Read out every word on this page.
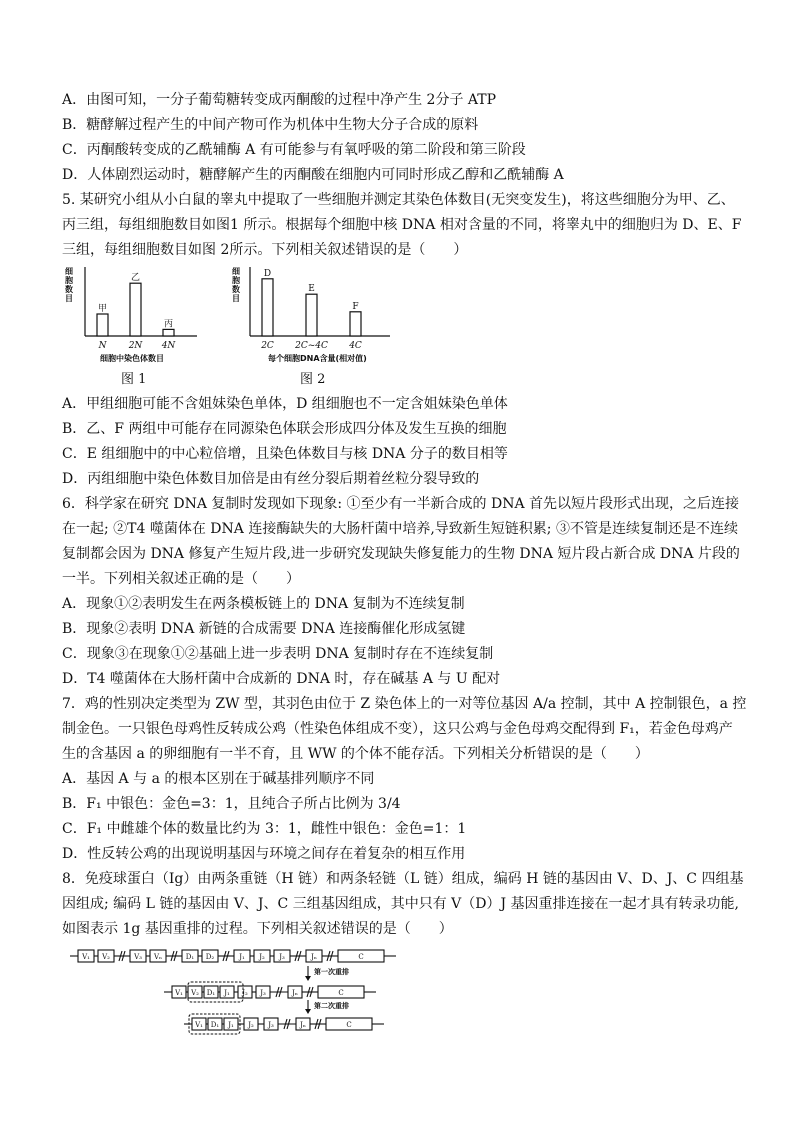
A．由图可知，一分子葡萄糖转变成丙酮酸的过程中净产生 2分子 ATP
B．糖酵解过程产生的中间产物可作为机体中生物大分子合成的原料
C．丙酮酸转变成的乙酰辅酶 A 有可能参与有氧呼吸的第二阶段和第三阶段
D．人体剧烈运动时，糖酵解产生的丙酮酸在细胞内可同时形成乙醇和乙酰辅酶 A
5. 某研究小组从小白鼠的睾丸中提取了一些细胞并测定其染色体数目(无突变发生)，将这些细胞分为甲、乙、
丙三组，每组细胞数目如图1 所示。根据每个细胞中核 DNA 相对含量的不同，将睾丸中的细胞归为 D、E、F
三组，每组细胞数目如图 2所示。下列相关叙述错误的是（　　）
细胞数目
甲
N
乙
2N
丙
4N
细胞中染色体数目
图 1
细胞数目
D
2C
E
2C~4C
F
4C
每个细胞DNA含量(相对值)
图 2
A．甲组细胞可能不含姐妹染色单体，D 组细胞也不一定含姐妹染色单体
B．乙、F 两组中可能存在同源染色体联会形成四分体及发生互换的细胞
C．E 组细胞中的中心粒倍增，且染色体数目与核 DNA 分子的数目相等
D．丙组细胞中染色体数目加倍是由有丝分裂后期着丝粒分裂导致的
6．科学家在研究 DNA 复制时发现如下现象: ①至少有一半新合成的 DNA 首先以短片段形式出现，之后连接
在一起; ②T4 噬菌体在 DNA 连接酶缺失的大肠杆菌中培养,导致新生短链积累; ③不管是连续复制还是不连续
复制都会因为 DNA 修复产生短片段,进一步研究发现缺失修复能力的生物 DNA 短片段占新合成 DNA 片段的
一半。下列相关叙述正确的是（　　）
A．现象①②表明发生在两条模板链上的 DNA 复制为不连续复制
B．现象②表明 DNA 新链的合成需要 DNA 连接酶催化形成氢键
C．现象③在现象①②基础上进一步表明 DNA 复制时存在不连续复制
D．T4 噬菌体在大肠杆菌中合成新的 DNA 时，存在碱基 A 与 U 配对
7．鸡的性别决定类型为 ZW 型，其羽色由位于 Z 染色体上的一对等位基因 A/a 控制，其中 A 控制银色，a 控
制金色。一只银色母鸡性反转成公鸡（性染色体组成不变），这只公鸡与金色母鸡交配得到 F₁，若金色母鸡产
生的含基因 a 的卵细胞有一半不育，且 WW 的个体不能存活。下列相关分析错误的是（　　）
A．基因 A 与 a 的根本区别在于碱基排列顺序不同
B．F₁ 中银色：金色=3：1，且纯合子所占比例为 3/4
C．F₁ 中雌雄个体的数量比约为 3：1，雌性中银色：金色=1：1
D．性反转公鸡的出现说明基因与环境之间存在着复杂的相互作用
8．免疫球蛋白（Ig）由两条重链（H 链）和两条轻链（L 链）组成，编码 H 链的基因由 V、D、J、C 四组基
因组成; 编码 L 链的基因由 V、J、C 三组基因组成，其中只有 V（D）J 基因重排连接在一起才具有转录功能,
如图表示 1g 基因重排的过程。下列相关叙述错误的是（　　）
V₁ V₂	V₃ Vₙ	D₁ D₂	J₁ J₂ J₃	Jₙ	C
V₁ V₂ D₁ J₁ J₂ J₃	Jₙ	C
V₁ D₁ J₁ J₂ J₃	Jₙ	C
第一次重排
第二次重排
